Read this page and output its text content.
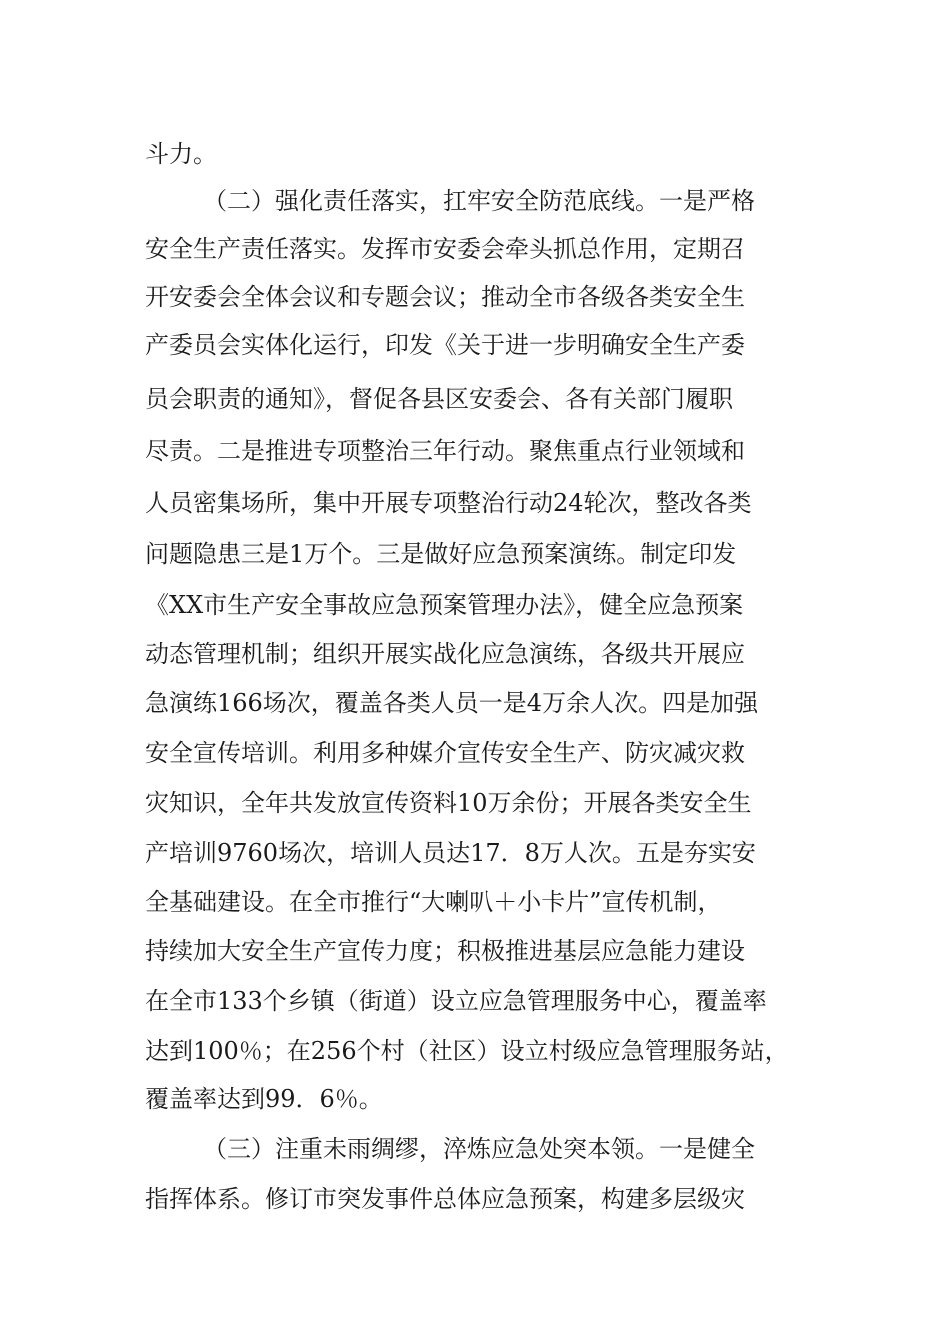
斗力。
（二）强化责任落实，扛牢安全防范底线。一是严格
安全生产责任落实。发挥市安委会牵头抓总作用，定期召
开安委会全体会议和专题会议；推动全市各级各类安全生
产委员会实体化运行，印发《关于进一步明确安全生产委
员会职责的通知》，督促各县区安委会、各有关部门履职
尽责。二是推进专项整治三年行动。聚焦重点行业领域和
人员密集场所，集中开展专项整治行动24轮次，整改各类
问题隐患三是1万个。三是做好应急预案演练。制定印发
《XX市生产安全事故应急预案管理办法》，健全应急预案
动态管理机制；组织开展实战化应急演练，各级共开展应
急演练166场次，覆盖各类人员一是4万余人次。四是加强
安全宣传培训。利用多种媒介宣传安全生产、防灾减灾救
灾知识，全年共发放宣传资料10万余份；开展各类安全生
产培训9760场次，培训人员达17．8万人次。五是夯实安
全基础建设。在全市推行“大喇叭＋小卡片”宣传机制，
持续加大安全生产宣传力度；积极推进基层应急能力建设
在全市133个乡镇（街道）设立应急管理服务中心，覆盖率
达到100％；在256个村（社区）设立村级应急管理服务站，
覆盖率达到99．6％。
（三）注重未雨绸缪，淬炼应急处突本领。一是健全
指挥体系。修订市突发事件总体应急预案，构建多层级灾
